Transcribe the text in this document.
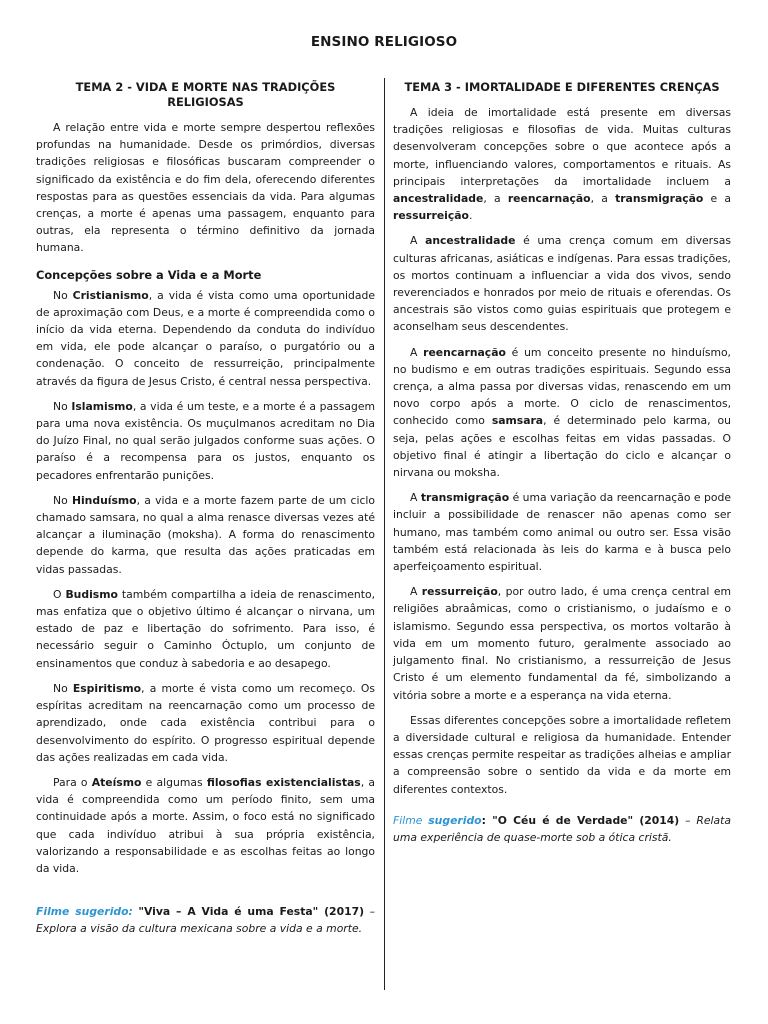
ENSINO RELIGIOSO
TEMA 2 - VIDA E MORTE NAS TRADIÇÕES RELIGIOSAS

A relação entre vida e morte sempre despertou reflexões profundas na humanidade. Desde os primórdios, diversas tradições religiosas e filosóficas buscaram compreender o significado da existência e do fim dela, oferecendo diferentes respostas para as questões essenciais da vida. Para algumas crenças, a morte é apenas uma passagem, enquanto para outras, ela representa o término definitivo da jornada humana.

Concepções sobre a Vida e a Morte

No Cristianismo, a vida é vista como uma oportunidade de aproximação com Deus, e a morte é compreendida como o início da vida eterna. Dependendo da conduta do indivíduo em vida, ele pode alcançar o paraíso, o purgatório ou a condenação. O conceito de ressurreição, principalmente através da figura de Jesus Cristo, é central nessa perspectiva.

No Islamismo, a vida é um teste, e a morte é a passagem para uma nova existência. Os muçulmanos acreditam no Dia do Juízo Final, no qual serão julgados conforme suas ações. O paraíso é a recompensa para os justos, enquanto os pecadores enfrentarão punições.

No Hinduísmo, a vida e a morte fazem parte de um ciclo chamado samsara, no qual a alma renasce diversas vezes até alcançar a iluminação (moksha). A forma do renascimento depende do karma, que resulta das ações praticadas em vidas passadas.

O Budismo também compartilha a ideia de renascimento, mas enfatiza que o objetivo último é alcançar o nirvana, um estado de paz e libertação do sofrimento. Para isso, é necessário seguir o Caminho Óctuplo, um conjunto de ensinamentos que conduz à sabedoria e ao desapego.

No Espiritismo, a morte é vista como um recomeço. Os espíritas acreditam na reencarnação como um processo de aprendizado, onde cada existência contribui para o desenvolvimento do espírito. O progresso espiritual depende das ações realizadas em cada vida.

Para o Ateísmo e algumas filosofias existencialistas, a vida é compreendida como um período finito, sem uma continuidade após a morte. Assim, o foco está no significado que cada indivíduo atribui à sua própria existência, valorizando a responsabilidade e as escolhas feitas ao longo da vida.

Filme sugerido: "Viva – A Vida é uma Festa" (2017) – Explora a visão da cultura mexicana sobre a vida e a morte.
TEMA 3 - IMORTALIDADE E DIFERENTES CRENÇAS

A ideia de imortalidade está presente em diversas tradições religiosas e filosofias de vida. Muitas culturas desenvolveram concepções sobre o que acontece após a morte, influenciando valores, comportamentos e rituais. As principais interpretações da imortalidade incluem a ancestralidade, a reencarnação, a transmigração e a ressurreição.

A ancestralidade é uma crença comum em diversas culturas africanas, asiáticas e indígenas. Para essas tradições, os mortos continuam a influenciar a vida dos vivos, sendo reverenciados e honrados por meio de rituais e oferendas. Os ancestrais são vistos como guias espirituais que protegem e aconselham seus descendentes.

A reencarnação é um conceito presente no hinduísmo, no budismo e em outras tradições espirituais. Segundo essa crença, a alma passa por diversas vidas, renascendo em um novo corpo após a morte. O ciclo de renascimentos, conhecido como samsara, é determinado pelo karma, ou seja, pelas ações e escolhas feitas em vidas passadas. O objetivo final é atingir a libertação do ciclo e alcançar o nirvana ou moksha.

A transmigração é uma variação da reencarnação e pode incluir a possibilidade de renascer não apenas como ser humano, mas também como animal ou outro ser. Essa visão também está relacionada às leis do karma e à busca pelo aperfeiçoamento espiritual.

A ressurreição, por outro lado, é uma crença central em religiões abraâmicas, como o cristianismo, o judaísmo e o islamismo. Segundo essa perspectiva, os mortos voltarão à vida em um momento futuro, geralmente associado ao julgamento final. No cristianismo, a ressurreição de Jesus Cristo é um elemento fundamental da fé, simbolizando a vitória sobre a morte e a esperança na vida eterna.

Essas diferentes concepções sobre a imortalidade refletem a diversidade cultural e religiosa da humanidade. Entender essas crenças permite respeitar as tradições alheias e ampliar a compreensão sobre o sentido da vida e da morte em diferentes contextos.

Filme sugerido: "O Céu é de Verdade" (2014) – Relata uma experiência de quase-morte sob a ótica cristã.
